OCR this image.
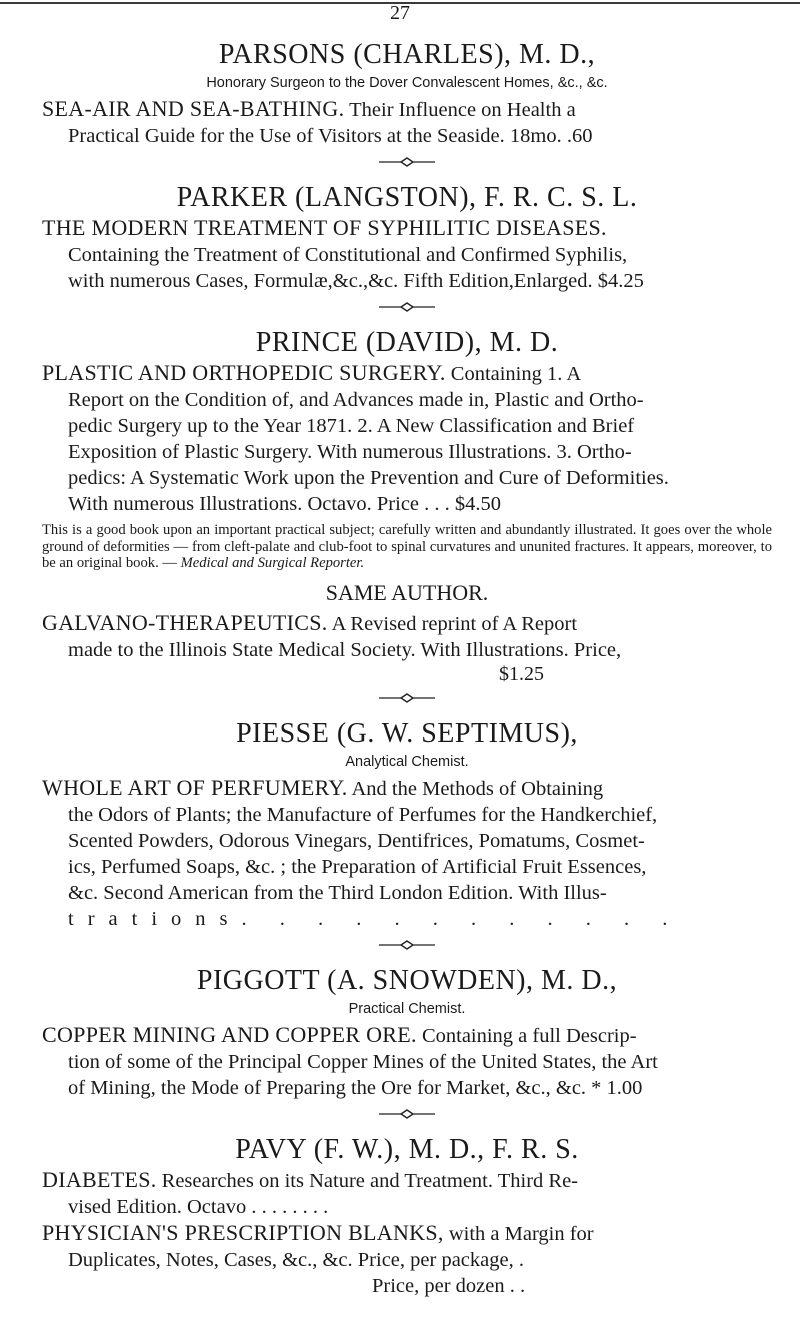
27

PARSONS (CHARLES), M. D.,

Honorary Surgeon to the Dover Convalescent Homes, &c., &c.

SEA-AIR AND SEA-BATHING. Their Influence on Health a
Practical Guide for the Use of Visitors at the Seaside. 18mo. .60

PARKER (LANGSTON), F. R. C. S. L.

THE MODERN TREATMENT OF SYPHILITIC DISEASES.
Containing the Treatment of Constitutional and Confirmed Syphilis,
with numerous Cases, Formulæ,&c.,&c. Fifth Edition,Enlarged. $4.25

PRINCE (DAVID), M. D.

PLASTIC AND ORTHOPEDIC SURGERY. Containing 1. A
Report on the Condition of, and Advances made in, Plastic and Ortho-
pedic Surgery up to the Year 1871. 2. A New Classification and Brief
Exposition of Plastic Surgery. With numerous Illustrations. 3. Ortho-
pedics: A Systematic Work upon the Prevention and Cure of Deformities.
With numerous Illustrations. Octavo. Price . . . $4.50

This is a good book upon an important practical subject; carefully written and abundantly illustrated. It goes over the whole ground of deformities — from cleft-palate and club-foot to spinal curvatures and ununited fractures. It appears, moreover, to be an original book. — Medical and Surgical Reporter.

SAME AUTHOR.

GALVANO-THERAPEUTICS. A Revised reprint of A Report
made to the Illinois State Medical Society. With Illustrations. Price,

$1.25

PIESSE (G. W. SEPTIMUS),

Analytical Chemist.

WHOLE ART OF PERFUMERY. And the Methods of Obtaining
the Odors of Plants; the Manufacture of Perfumes for the Handkerchief,
Scented Powders, Odorous Vinegars, Dentifrices, Pomatums, Cosmet-
ics, Perfumed Soaps, &c. ; the Preparation of Artificial Fruit Essences,
&c. Second American from the Third London Edition. With Illus-
trations. . . . . . . . . . . .

PIGGOTT (A. SNOWDEN), M. D.,

Practical Chemist.

COPPER MINING AND COPPER ORE. Containing a full Descrip-
tion of some of the Principal Copper Mines of the United States, the Art
of Mining, the Mode of Preparing the Ore for Market, &c., &c. * 1.00

PAVY (F. W.), M. D., F. R. S.

DIABETES. Researches on its Nature and Treatment. Third Re-
vised Edition. Octavo . . . . . . . .

PHYSICIAN'S PRESCRIPTION BLANKS, with a Margin for
Duplicates, Notes, Cases, &c., &c. Price, per package, .
Price, per dozen . .
